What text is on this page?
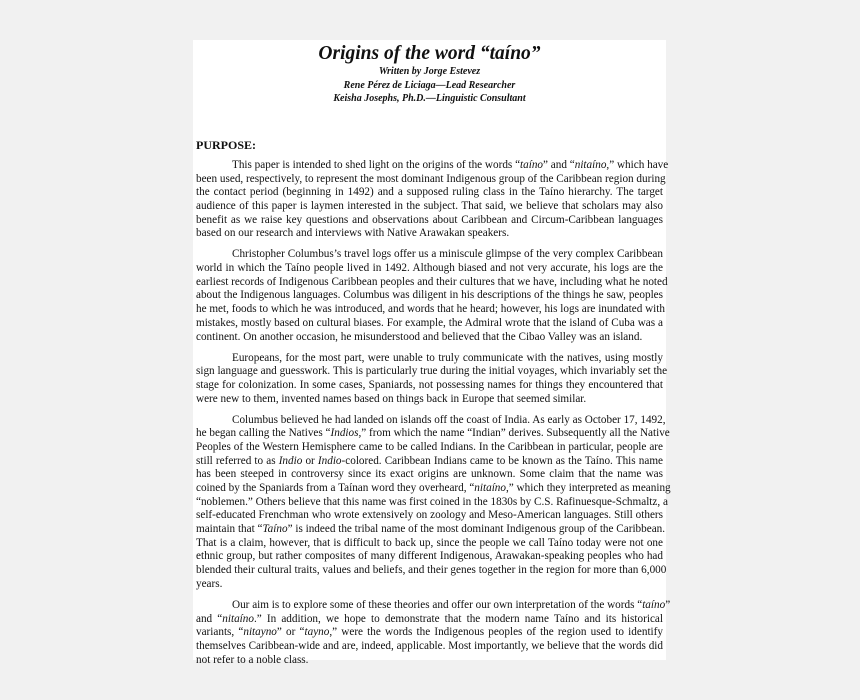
Origins of the word “taíno”
Written by Jorge Estevez
Rene Pérez de Liciaga—Lead Researcher
Keisha Josephs, Ph.D.—Linguistic Consultant
PURPOSE:
This paper is intended to shed light on the origins of the words “taíno” and “nitaíno,” which have
been used, respectively, to represent the most dominant Indigenous group of the Caribbean region during
the contact period (beginning in 1492) and a supposed ruling class in the Taíno hierarchy. The target
audience of this paper is laymen interested in the subject. That said, we believe that scholars may also
benefit as we raise key questions and observations about Caribbean and Circum-Caribbean languages
based on our research and interviews with Native Arawakan speakers.
Christopher Columbus’s travel logs offer us a miniscule glimpse of the very complex Caribbean
world in which the Taíno people lived in 1492. Although biased and not very accurate, his logs are the
earliest records of Indigenous Caribbean peoples and their cultures that we have, including what he noted
about the Indigenous languages. Columbus was diligent in his descriptions of the things he saw, peoples
he met, foods to which he was introduced, and words that he heard; however, his logs are inundated with
mistakes, mostly based on cultural biases. For example, the Admiral wrote that the island of Cuba was a
continent. On another occasion, he misunderstood and believed that the Cibao Valley was an island.
Europeans, for the most part, were unable to truly communicate with the natives, using mostly
sign language and guesswork. This is particularly true during the initial voyages, which invariably set the
stage for colonization. In some cases, Spaniards, not possessing names for things they encountered that
were new to them, invented names based on things back in Europe that seemed similar.
Columbus believed he had landed on islands off the coast of India. As early as October 17, 1492,
he began calling the Natives “Indios,” from which the name “Indian” derives. Subsequently all the Native
Peoples of the Western Hemisphere came to be called Indians. In the Caribbean in particular, people are
still referred to as Indio or Indio-colored. Caribbean Indians came to be known as the Taíno. This name
has been steeped in controversy since its exact origins are unknown. Some claim that the name was
coined by the Spaniards from a Taínan word they overheard, “nitaíno,” which they interpreted as meaning
“noblemen.” Others believe that this name was first coined in the 1830s by C.S. Rafinuesque-Schmaltz, a
self-educated Frenchman who wrote extensively on zoology and Meso-American languages. Still others
maintain that “Taíno” is indeed the tribal name of the most dominant Indigenous group of the Caribbean.
That is a claim, however, that is difficult to back up, since the people we call Taíno today were not one
ethnic group, but rather composites of many different Indigenous, Arawakan-speaking peoples who had
blended their cultural traits, values and beliefs, and their genes together in the region for more than 6,000
years.
Our aim is to explore some of these theories and offer our own interpretation of the words “taíno”
and “nitaíno.” In addition, we hope to demonstrate that the modern name Taíno and its historical
variants, “nitayno” or “tayno,” were the words the Indigenous peoples of the region used to identify
themselves Caribbean-wide and are, indeed, applicable. Most importantly, we believe that the words did
not refer to a noble class.
